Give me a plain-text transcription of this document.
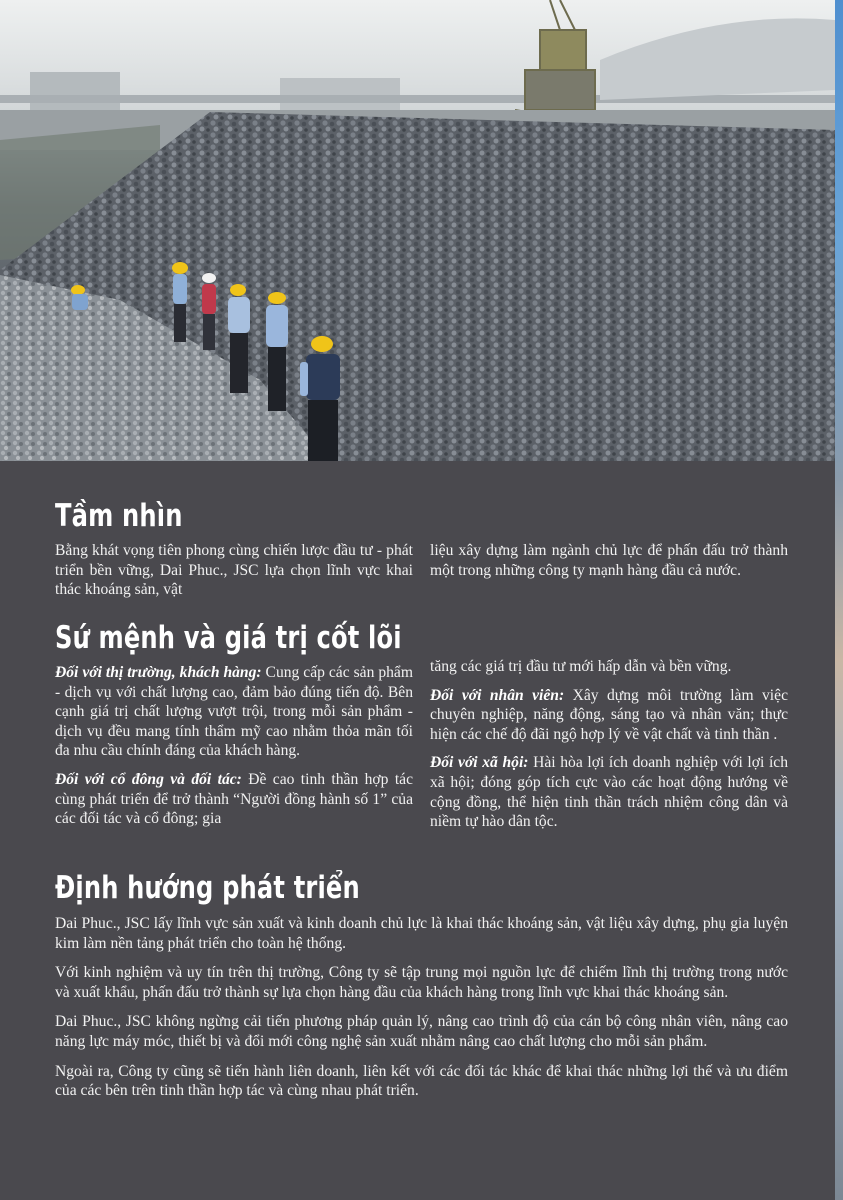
Tầm nhìn

Bằng khát vọng tiên phong cùng chiến lược đầu tư - phát triển bền vững, Dai Phuc., JSC lựa chọn lĩnh vực khai thác khoáng sản, vật

liệu xây dựng làm ngành chủ lực để phấn đấu trở thành một trong những công ty mạnh hàng đầu cả nước.

Sứ mệnh và giá trị cốt lõi

Đối với thị trường, khách hàng: Cung cấp các sản phẩm - dịch vụ với chất lượng cao, đảm bảo đúng tiến độ. Bên cạnh giá trị chất lượng vượt trội, trong mỗi sản phẩm - dịch vụ đều mang tính thẩm mỹ cao nhằm thỏa mãn tối đa nhu cầu chính đáng của khách hàng.

Đối với cổ đông và đối tác: Đề cao tinh thần hợp tác cùng phát triển để trở thành “Người đồng hành số 1” của các đối tác và cổ đông; gia

tăng các giá trị đầu tư mới hấp dẫn và bền vững.

Đối với nhân viên: Xây dựng môi trường làm việc chuyên nghiệp, năng động, sáng tạo và nhân văn; thực hiện các chế độ đãi ngộ hợp lý về vật chất và tinh thần .

Đối với xã hội: Hài hòa lợi ích doanh nghiệp với lợi ích xã hội; đóng góp tích cực vào các hoạt động hướng về cộng đồng, thể hiện tinh thần trách nhiệm công dân và niềm tự hào dân tộc.

Định hướng phát triển

Dai Phuc., JSC lấy lĩnh vực sản xuất và kinh doanh chủ lực là khai thác khoáng sản, vật liệu xây dựng, phụ gia luyện kim làm nền tảng phát triển cho toàn hệ thống.

Với kinh nghiệm và uy tín trên thị trường, Công ty sẽ tập trung mọi nguồn lực để chiếm lĩnh thị trường trong nước và xuất khẩu, phấn đấu trở thành sự lựa chọn hàng đầu của khách hàng trong lĩnh vực khai thác khoáng sản.

Dai Phuc., JSC không ngừng cải tiến phương pháp quản lý, nâng cao trình độ của cán bộ công nhân viên, nâng cao năng lực máy móc, thiết bị và đổi mới công nghệ sản xuất nhằm nâng cao chất lượng cho mỗi sản phẩm.

Ngoài ra, Công ty cũng sẽ tiến hành liên doanh, liên kết với các đối tác khác để khai thác những lợi thế và ưu điểm của các bên trên tinh thần hợp tác và cùng nhau phát triển.
